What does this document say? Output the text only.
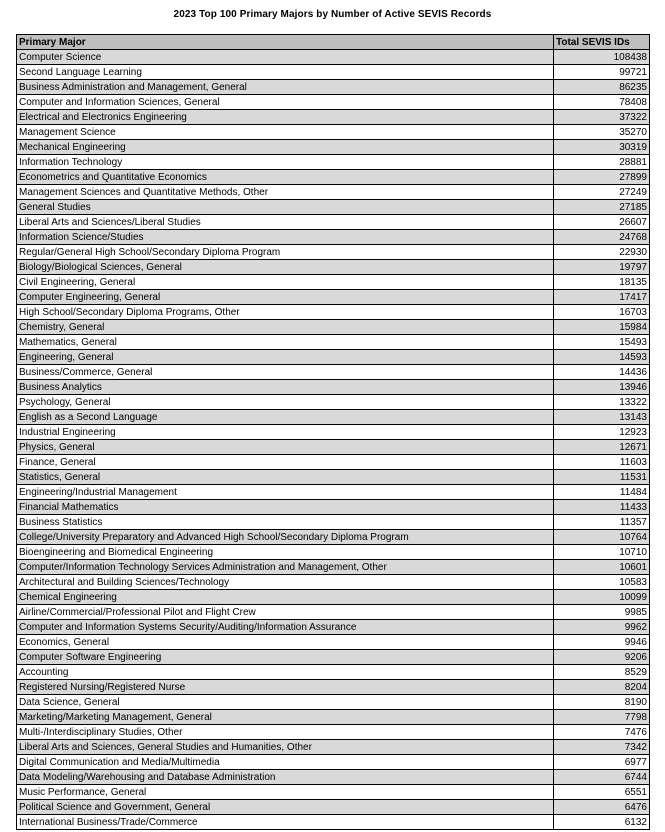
2023 Top 100 Primary Majors by Number of Active SEVIS Records
Primary Major	Total SEVIS IDs
Computer Science	108438
Second Language Learning	99721
Business Administration and Management, General	86235
Computer and Information Sciences, General	78408
Electrical and Electronics Engineering	37322
Management Science	35270
Mechanical Engineering	30319
Information Technology	28881
Econometrics and Quantitative Economics	27899
Management Sciences and Quantitative Methods, Other	27249
General Studies	27185
Liberal Arts and Sciences/Liberal Studies	26607
Information Science/Studies	24768
Regular/General High School/Secondary Diploma Program	22930
Biology/Biological Sciences, General	19797
Civil Engineering, General	18135
Computer Engineering, General	17417
High School/Secondary Diploma Programs, Other	16703
Chemistry, General	15984
Mathematics, General	15493
Engineering, General	14593
Business/Commerce, General	14436
Business Analytics	13946
Psychology, General	13322
English as a Second Language	13143
Industrial Engineering	12923
Physics, General	12671
Finance, General	11603
Statistics, General	11531
Engineering/Industrial Management	11484
Financial Mathematics	11433
Business Statistics	11357
College/University Preparatory and Advanced High School/Secondary Diploma Program	10764
Bioengineering and Biomedical Engineering	10710
Computer/Information Technology Services Administration and Management, Other	10601
Architectural and Building Sciences/Technology	10583
Chemical Engineering	10099
Airline/Commercial/Professional Pilot and Flight Crew	9985
Computer and Information Systems Security/Auditing/Information Assurance	9962
Economics, General	9946
Computer Software Engineering	9206
Accounting	8529
Registered Nursing/Registered Nurse	8204
Data Science, General	8190
Marketing/Marketing Management, General	7798
Multi-/Interdisciplinary Studies, Other	7476
Liberal Arts and Sciences, General Studies and Humanities, Other	7342
Digital Communication and Media/Multimedia	6977
Data Modeling/Warehousing and Database Administration	6744
Music Performance, General	6551
Political Science and Government, General	6476
International Business/Trade/Commerce	6132
